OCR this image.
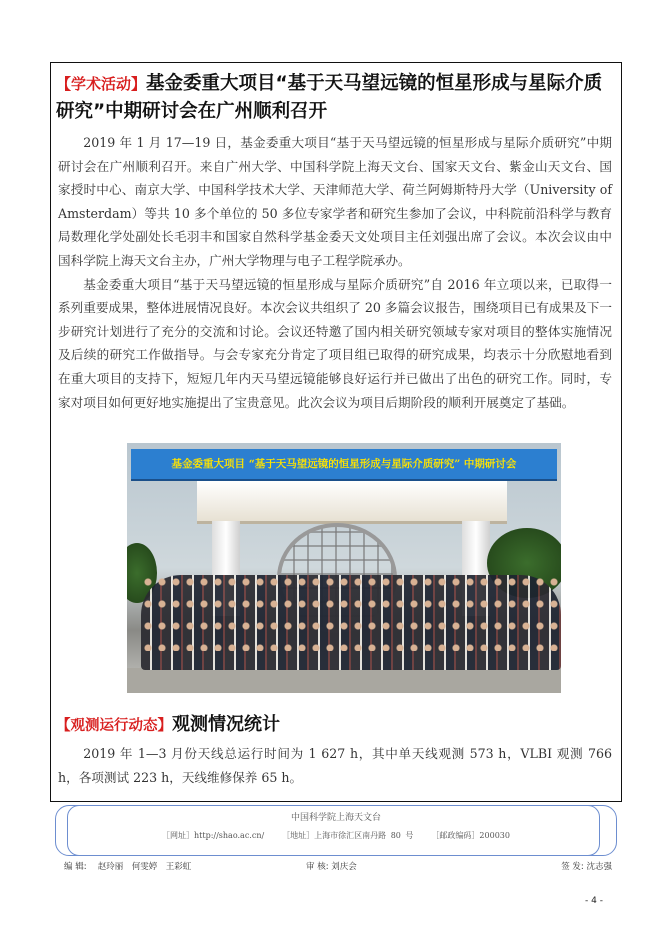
【学术活动】基金委重大项目“基于天马望远镜的恒星形成与星际介质研究”中期研讨会在广州顺利召开

2019 年 1 月 17—19 日，基金委重大项目“基于天马望远镜的恒星形成与星际介质研究”中期研讨会在广州顺利召开。来自广州大学、中国科学院上海天文台、国家天文台、紫金山天文台、国家授时中心、南京大学、中国科学技术大学、天津师范大学、荷兰阿姆斯特丹大学（University of Amsterdam）等共 10 多个单位的 50 多位专家学者和研究生参加了会议，中科院前沿科学与教育局数理化学处副处长毛羽丰和国家自然科学基金委天文处项目主任刘强出席了会议。本次会议由中国科学院上海天文台主办，广州大学物理与电子工程学院承办。

基金委重大项目“基于天马望远镜的恒星形成与星际介质研究”自 2016 年立项以来，已取得一系列重要成果，整体进展情况良好。本次会议共组织了 20 多篇会议报告，围绕项目已有成果及下一步研究计划进行了充分的交流和讨论。会议还特邀了国内相关研究领域专家对项目的整体实施情况及后续的研究工作做指导。与会专家充分肯定了项目组已取得的研究成果，均表示十分欣慰地看到在重大项目的支持下，短短几年内天马望远镜能够良好运行并已做出了出色的研究工作。同时，专家对项目如何更好地实施提出了宝贵意见。此次会议为项目后期阶段的顺利开展奠定了基础。

基金委重大项目 “基于天马望远镜的恒星形成与星际介质研究” 中期研讨会
【观测运行动态】观测情况统计

2019 年 1—3 月份天线总运行时间为 1 627 h，其中单天线观测 573 h，VLBI 观测 766 h，各项测试 223 h，天线维修保养 65 h。

中国科学院上海天文台
［网址］http://shao.ac.cn/ ［地址］上海市徐汇区南丹路 80 号 ［邮政编码］200030
编 辑:　 赵玲丽　何雯婷　王彩虹	审 核: 刘庆会	签 发: 沈志强
- 4 -
